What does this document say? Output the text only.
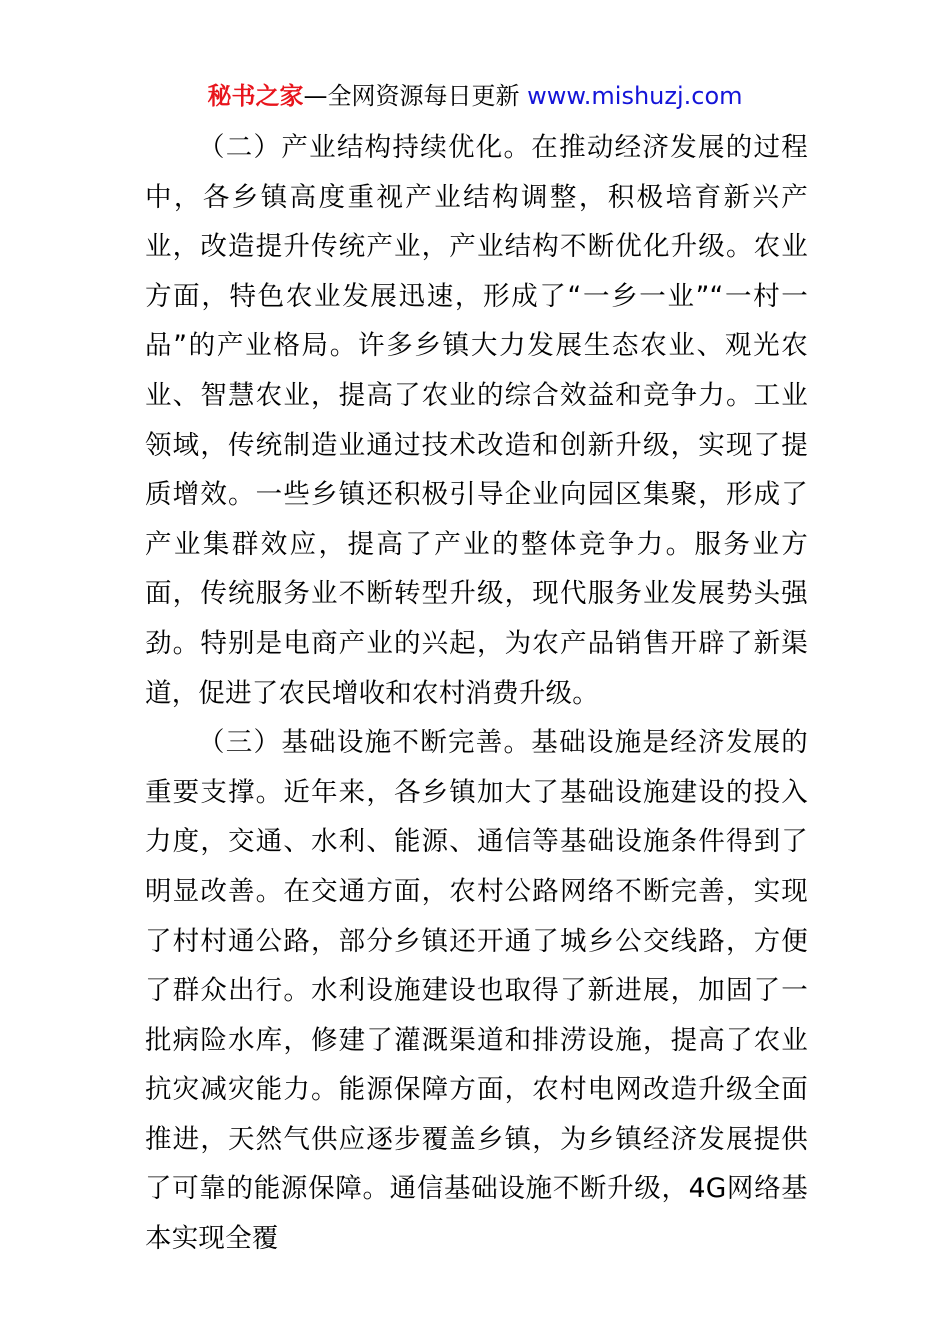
秘书之家—全网资源每日更新 www.mishuzj.com

（二）产业结构持续优化。在推动经济发展的过程中，各乡镇高度重视产业结构调整，积极培育新兴产业，改造提升传统产业，产业结构不断优化升级。农业方面，特色农业发展迅速，形成了“一乡一业”“一村一品”的产业格局。许多乡镇大力发展生态农业、观光农业、智慧农业，提高了农业的综合效益和竞争力。工业领域，传统制造业通过技术改造和创新升级，实现了提质增效。一些乡镇还积极引导企业向园区集聚，形成了产业集群效应，提高了产业的整体竞争力。服务业方面，传统服务业不断转型升级，现代服务业发展势头强劲。特别是电商产业的兴起，为农产品销售开辟了新渠道，促进了农民增收和农村消费升级。

（三）基础设施不断完善。基础设施是经济发展的重要支撑。近年来，各乡镇加大了基础设施建设的投入力度，交通、水利、能源、通信等基础设施条件得到了明显改善。在交通方面，农村公路网络不断完善，实现了村村通公路，部分乡镇还开通了城乡公交线路，方便了群众出行。水利设施建设也取得了新进展，加固了一批病险水库，修建了灌溉渠道和排涝设施，提高了农业抗灾减灾能力。能源保障方面，农村电网改造升级全面推进，天然气供应逐步覆盖乡镇，为乡镇经济发展提供了可靠的能源保障。通信基础设施不断升级，4G网络基本实现全覆
